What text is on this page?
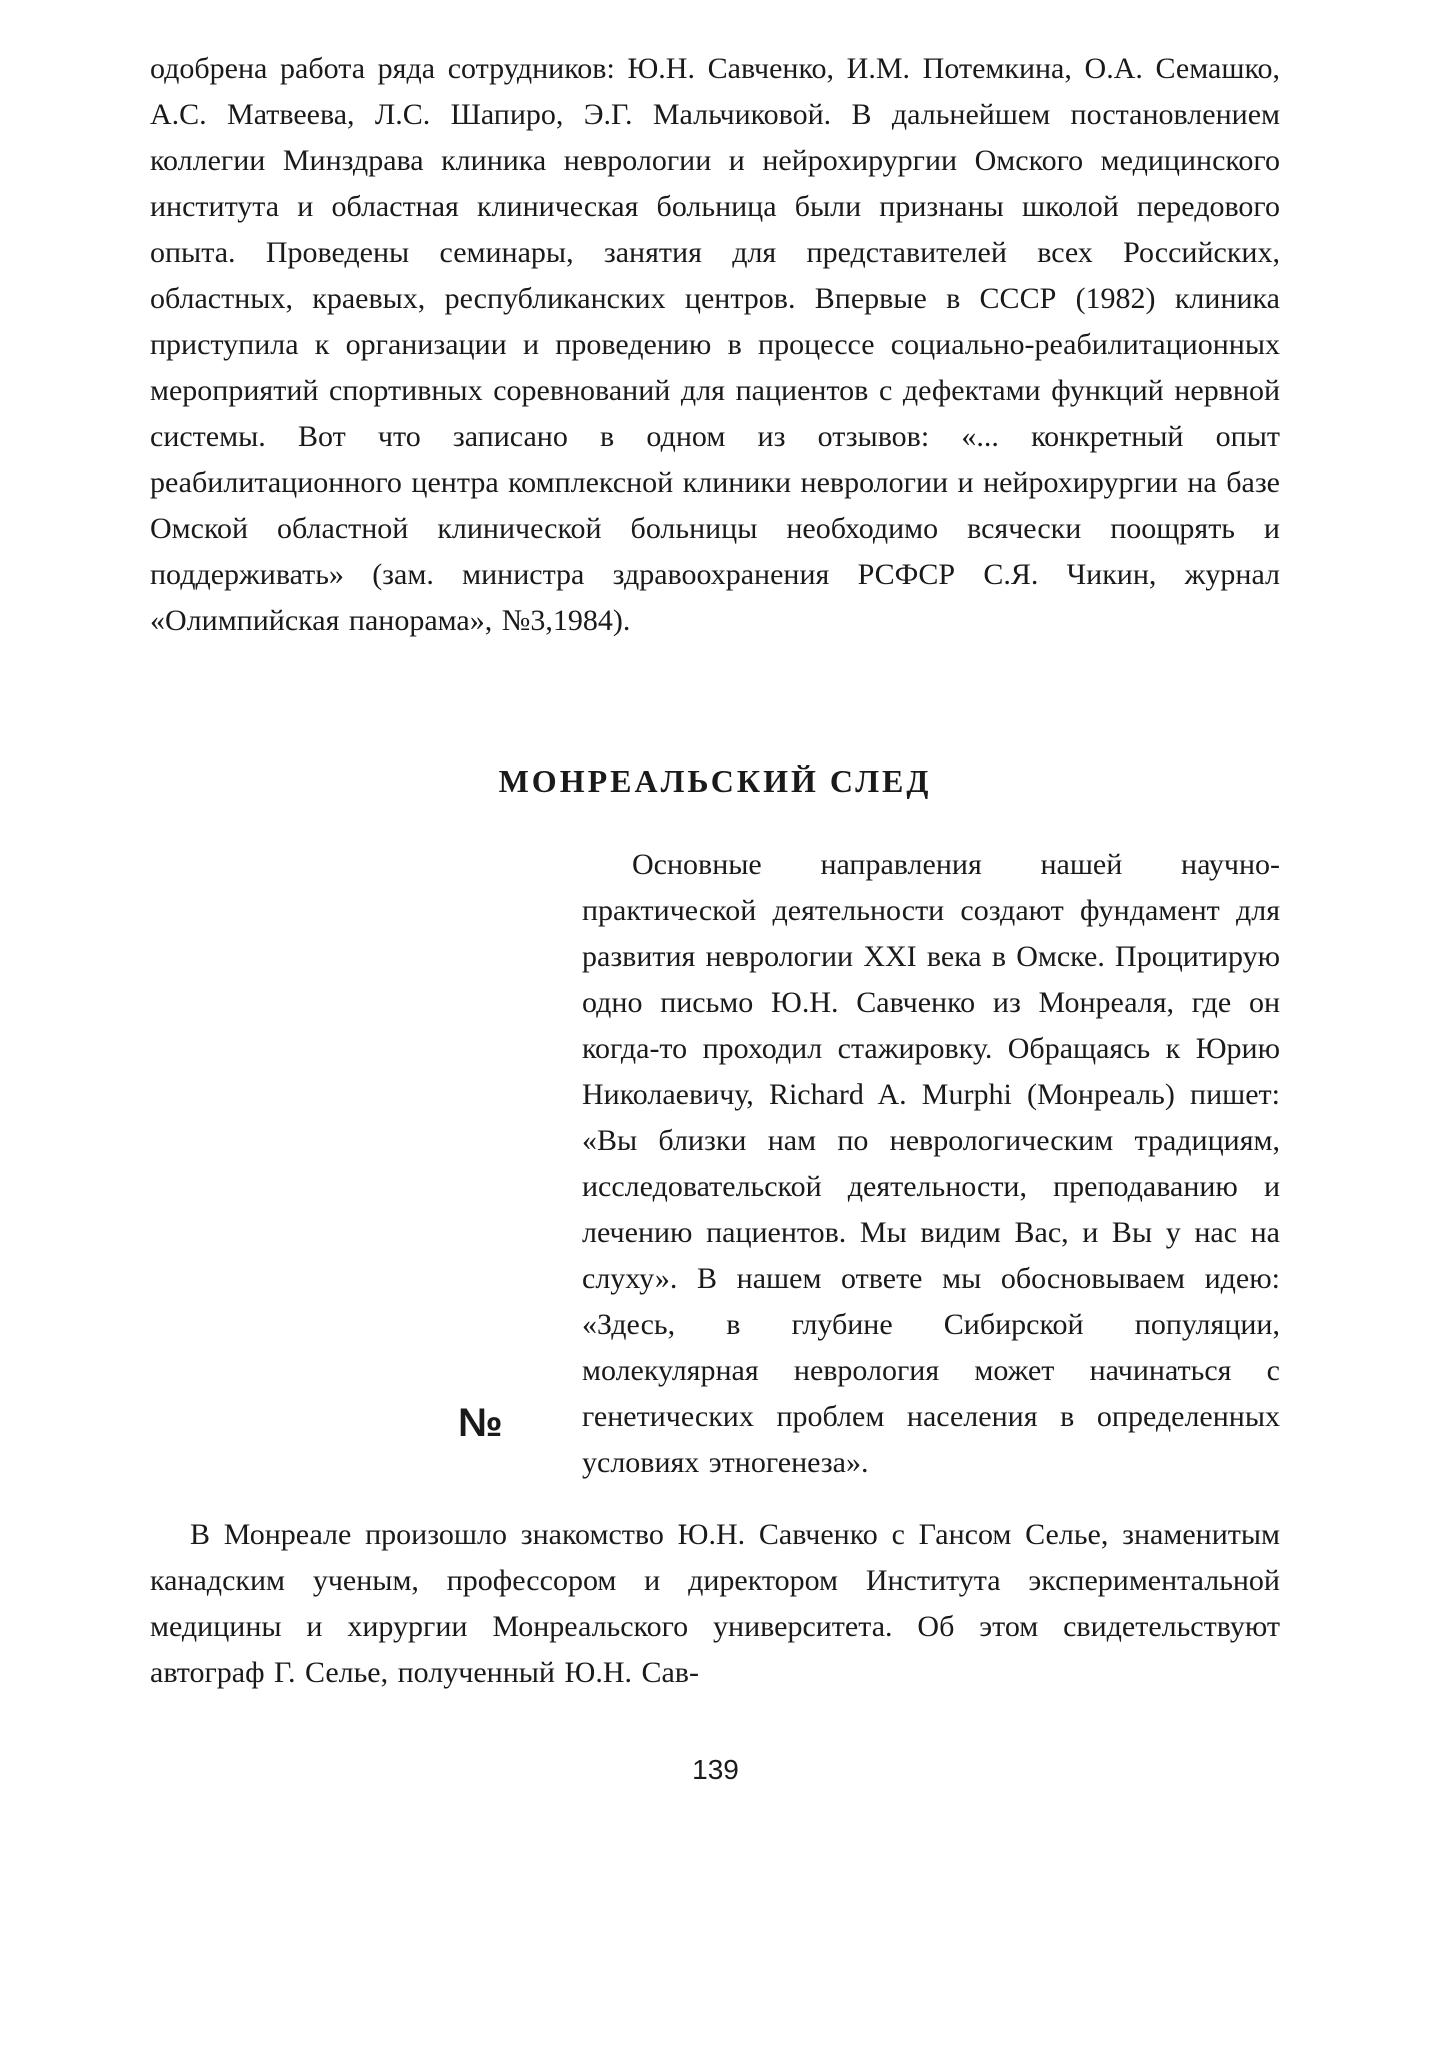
одобрена работа ряда сотрудников: Ю.Н. Савченко, И.М. Потемкина, О.А. Семашко, А.С. Матвеева, Л.С. Шапиро, Э.Г. Мальчиковой. В дальнейшем постановлением коллегии Минздрава клиника неврологии и нейрохирургии Омского медицинского института и областная клиническая больница были признаны школой передового опыта. Проведены семинары, занятия для представителей всех Российских, областных, краевых, республиканских центров. Впервые в СССР (1982) клиника приступила к организации и проведению в процессе социально-реабилитационных мероприятий спортивных соревнований для пациентов с дефектами функций нервной системы. Вот что записано в одном из отзывов: «... конкретный опыт реабилитационного центра комплексной клиники неврологии и нейрохирургии на базе Омской областной клинической больницы необходимо всячески поощрять и поддерживать» (зам. министра здравоохранения РСФСР С.Я. Чикин, журнал «Олимпийская панорама», №3,1984).

МОНРЕАЛЬСКИЙ СЛЕД

Основные направления нашей научно-практической деятельности создают фундамент для развития неврологии XXI века в Омске. Процитирую одно письмо Ю.Н. Савченко из Монреаля, где он когда-то проходил стажировку. Обращаясь к Юрию Николаевичу, Richard A. Murphi (Монреаль) пишет: «Вы близки нам по неврологическим традициям, исследовательской деятельности, преподаванию и лечению пациентов. Мы видим Вас, и Вы у нас на слуху». В нашем ответе мы обосновываем идею: «Здесь, в глубине Сибирской популяции, молекулярная неврология может начинаться с генетических проблем населения в определенных условиях этногенеза».

№

В Монреале произошло знакомство Ю.Н. Савченко с Гансом Селье, знаменитым канадским ученым, профессором и директором Института экспериментальной медицины и хирургии Монреальского университета. Об этом свидетельствуют автограф Г. Селье, полученный Ю.Н. Сав-

139
